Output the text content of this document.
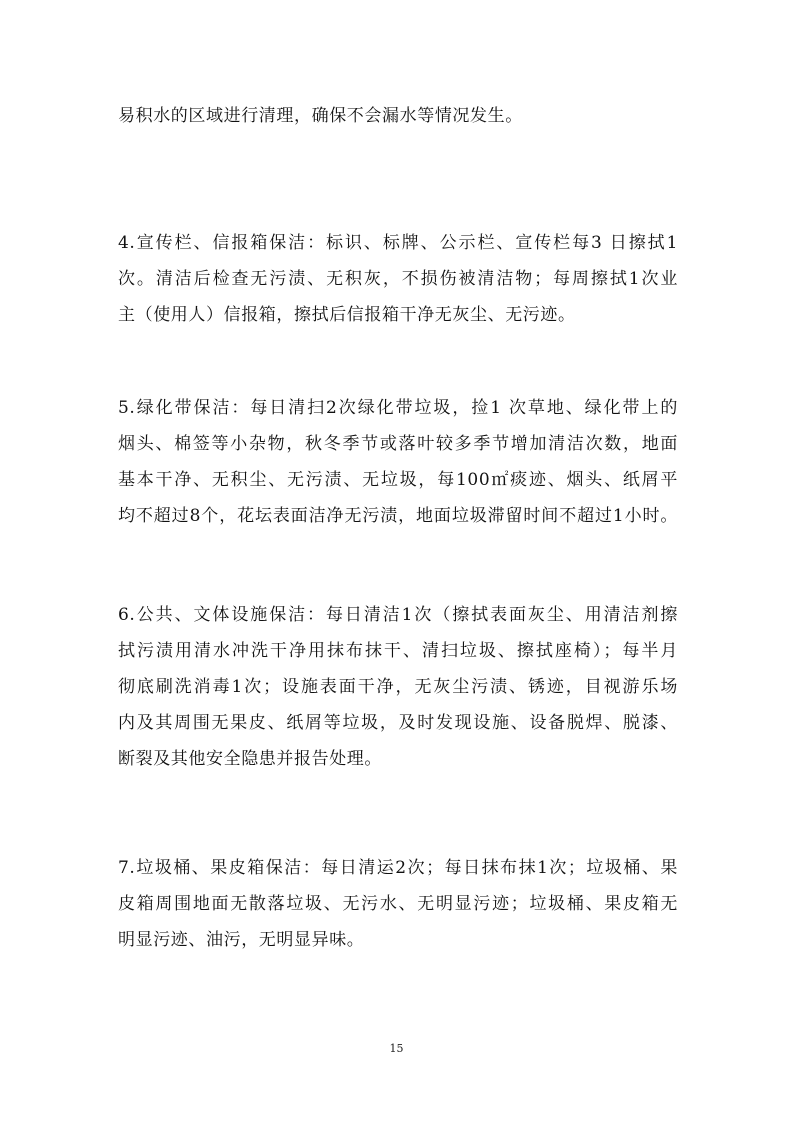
易积水的区域进行清理，确保不会漏水等情况发生。

4.宣传栏、信报箱保洁：标识、标牌、公示栏、宣传栏每3 日擦拭1
次。清洁后检查无污渍、无积灰，不损伤被清洁物；每周擦拭1次业
主（使用人）信报箱，擦拭后信报箱干净无灰尘、无污迹。

5.绿化带保洁：每日清扫2次绿化带垃圾，捡1 次草地、绿化带上的
烟头、棉签等小杂物，秋冬季节或落叶较多季节增加清洁次数，地面
基本干净、无积尘、无污渍、无垃圾，每100㎡痰迹、烟头、纸屑平
均不超过8个，花坛表面洁净无污渍，地面垃圾滞留时间不超过1小时。

6.公共、文体设施保洁：每日清洁1次（擦拭表面灰尘、用清洁剂擦
拭污渍用清水冲洗干净用抹布抹干、清扫垃圾、擦拭座椅）；每半月
彻底刷洗消毒1次；设施表面干净，无灰尘污渍、锈迹，目视游乐场
内及其周围无果皮、纸屑等垃圾，及时发现设施、设备脱焊、脱漆、
断裂及其他安全隐患并报告处理。

7.垃圾桶、果皮箱保洁：每日清运2次；每日抹布抹1次；垃圾桶、果
皮箱周围地面无散落垃圾、无污水、无明显污迹；垃圾桶、果皮箱无
明显污迹、油污，无明显异味。

15
